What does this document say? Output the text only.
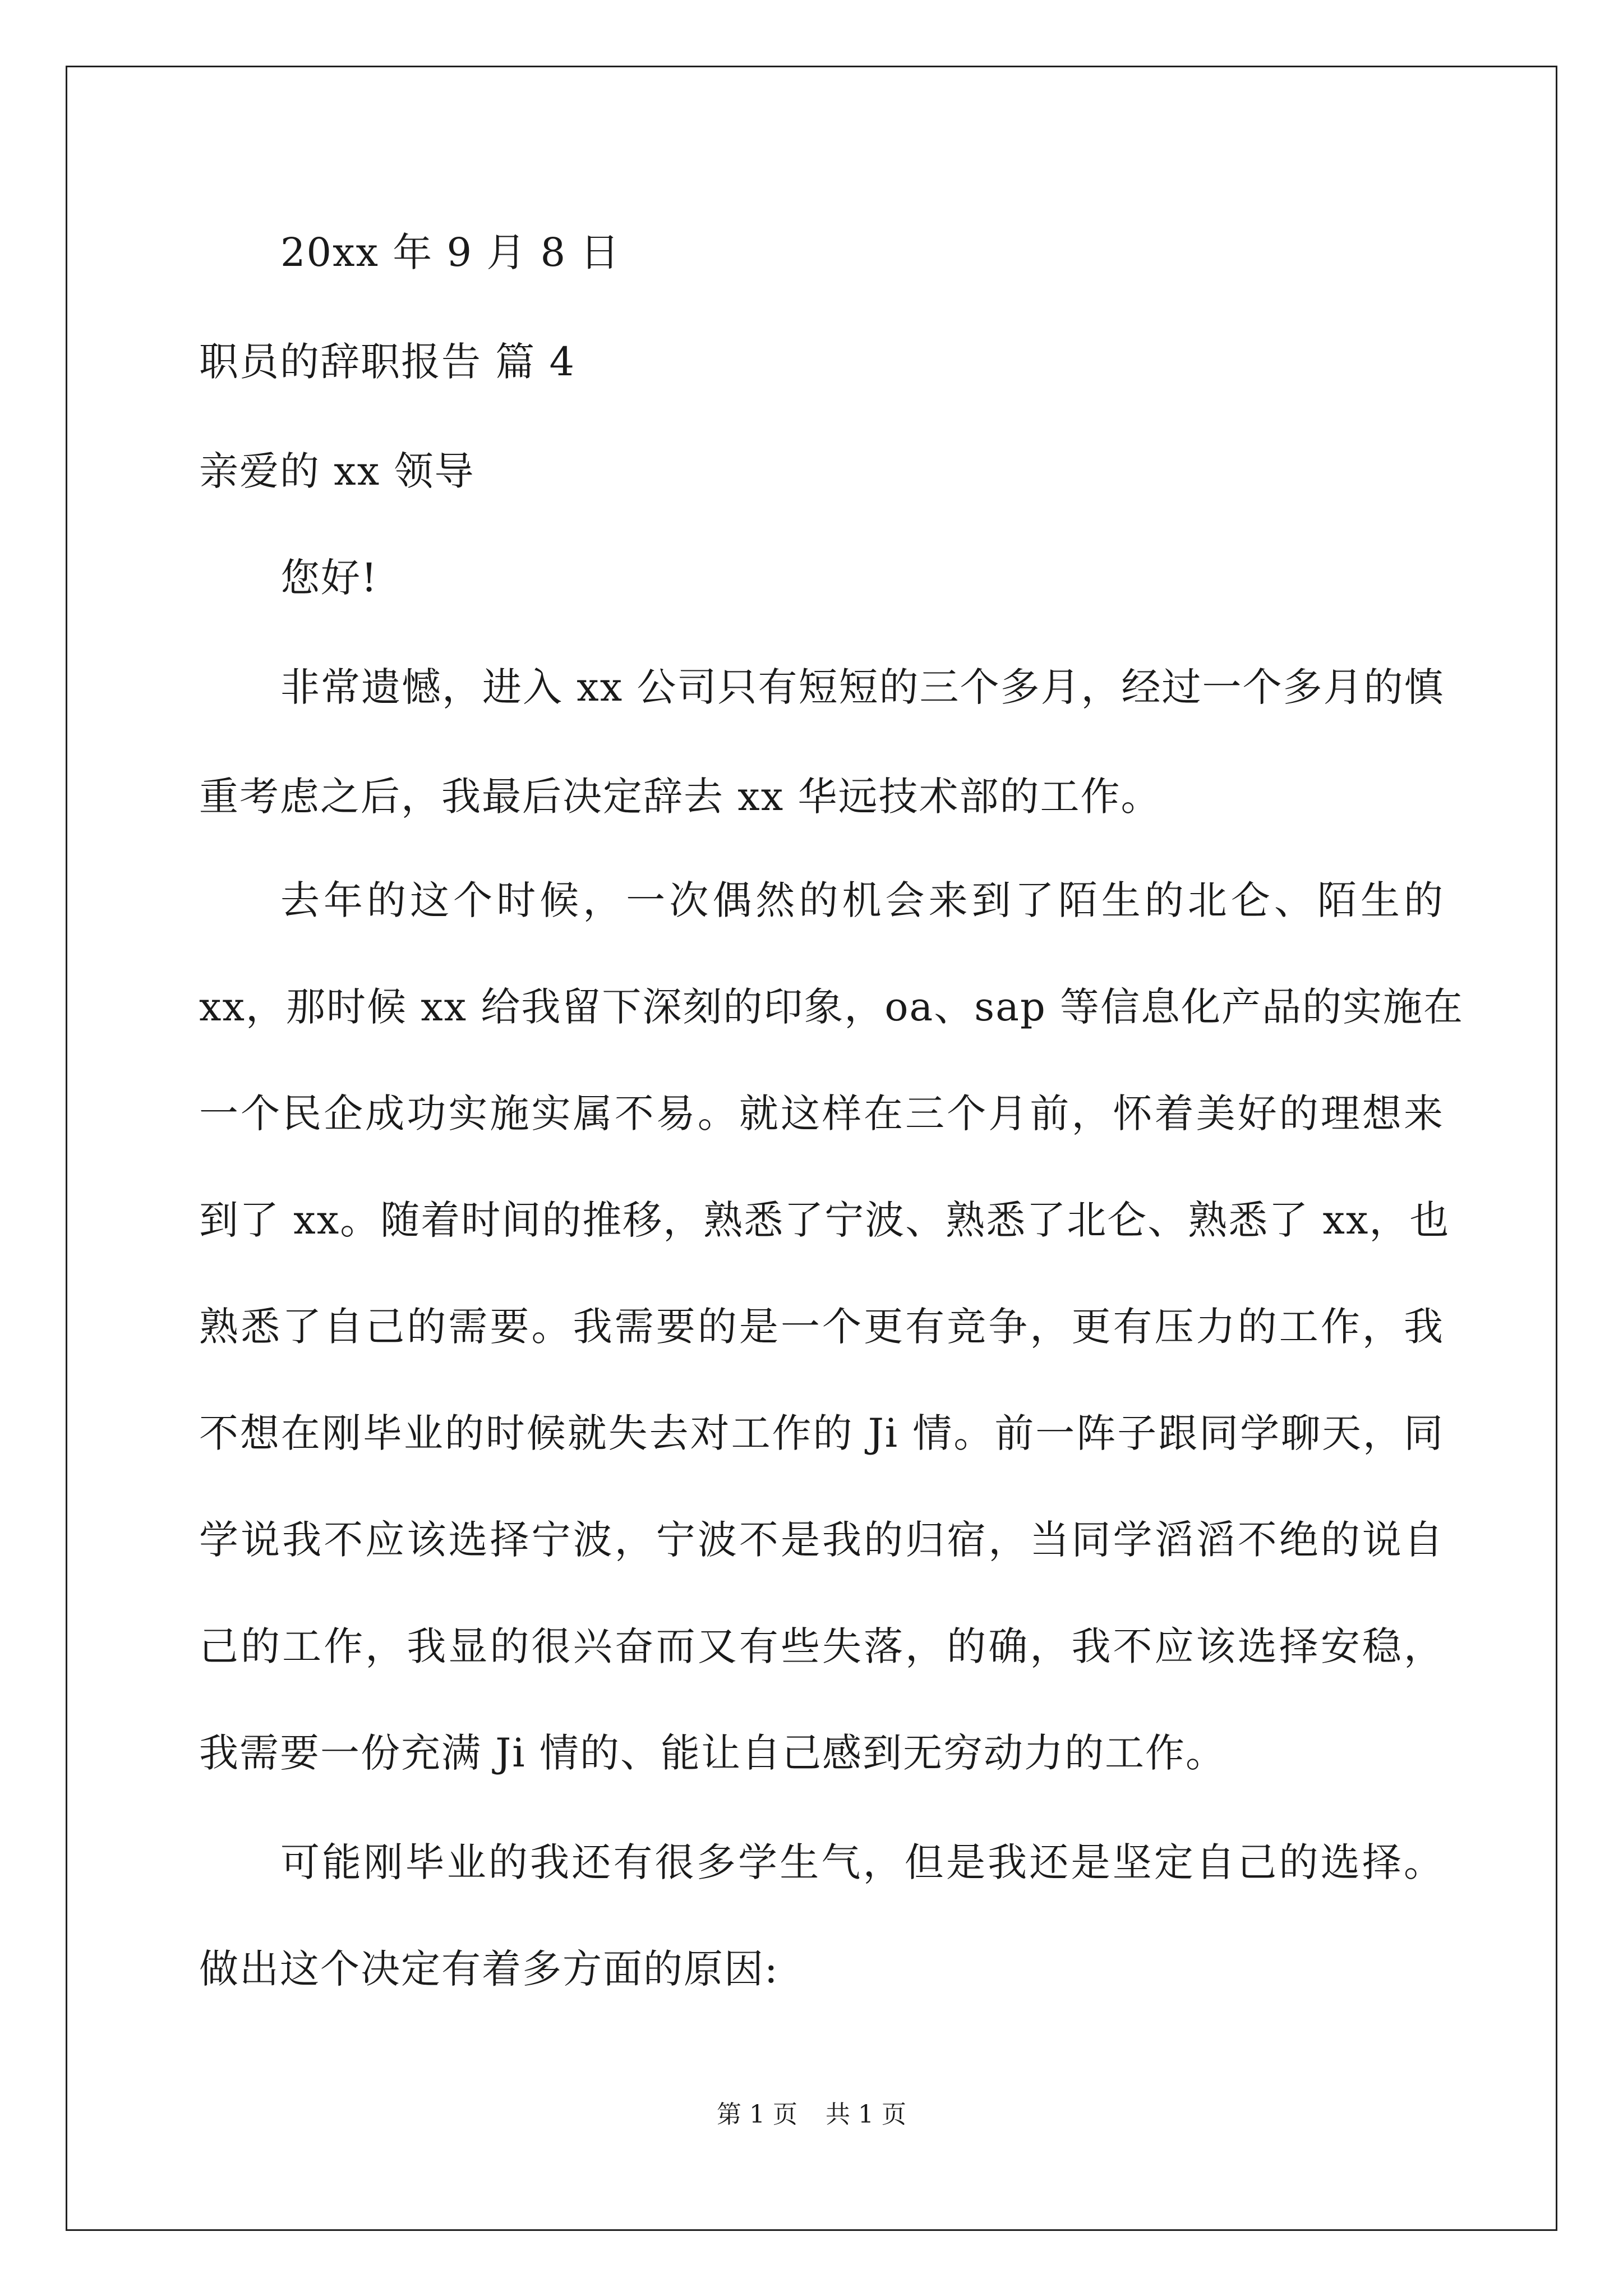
20xx 年 9 月 8 日
职员的辞职报告 篇 4
亲爱的 xx 领导
您好!
非常遗憾，进入 xx 公司只有短短的三个多月，经过一个多月的慎
重考虑之后，我最后决定辞去 xx 华远技术部的工作。
去年的这个时候，一次偶然的机会来到了陌生的北仑、陌生的
xx，那时候 xx 给我留下深刻的印象，oa、sap 等信息化产品的实施在
一个民企成功实施实属不易。就这样在三个月前，怀着美好的理想来
到了 xx。随着时间的推移，熟悉了宁波、熟悉了北仑、熟悉了 xx，也
熟悉了自己的需要。我需要的是一个更有竞争，更有压力的工作，我
不想在刚毕业的时候就失去对工作的 Ji 情。前一阵子跟同学聊天，同
学说我不应该选择宁波，宁波不是我的归宿，当同学滔滔不绝的说自
己的工作，我显的很兴奋而又有些失落，的确，我不应该选择安稳，
我需要一份充满 Ji 情的、能让自己感到无穷动力的工作。
可能刚毕业的我还有很多学生气，但是我还是坚定自己的选择。
做出这个决定有着多方面的原因:
第 1 页 共 1 页
